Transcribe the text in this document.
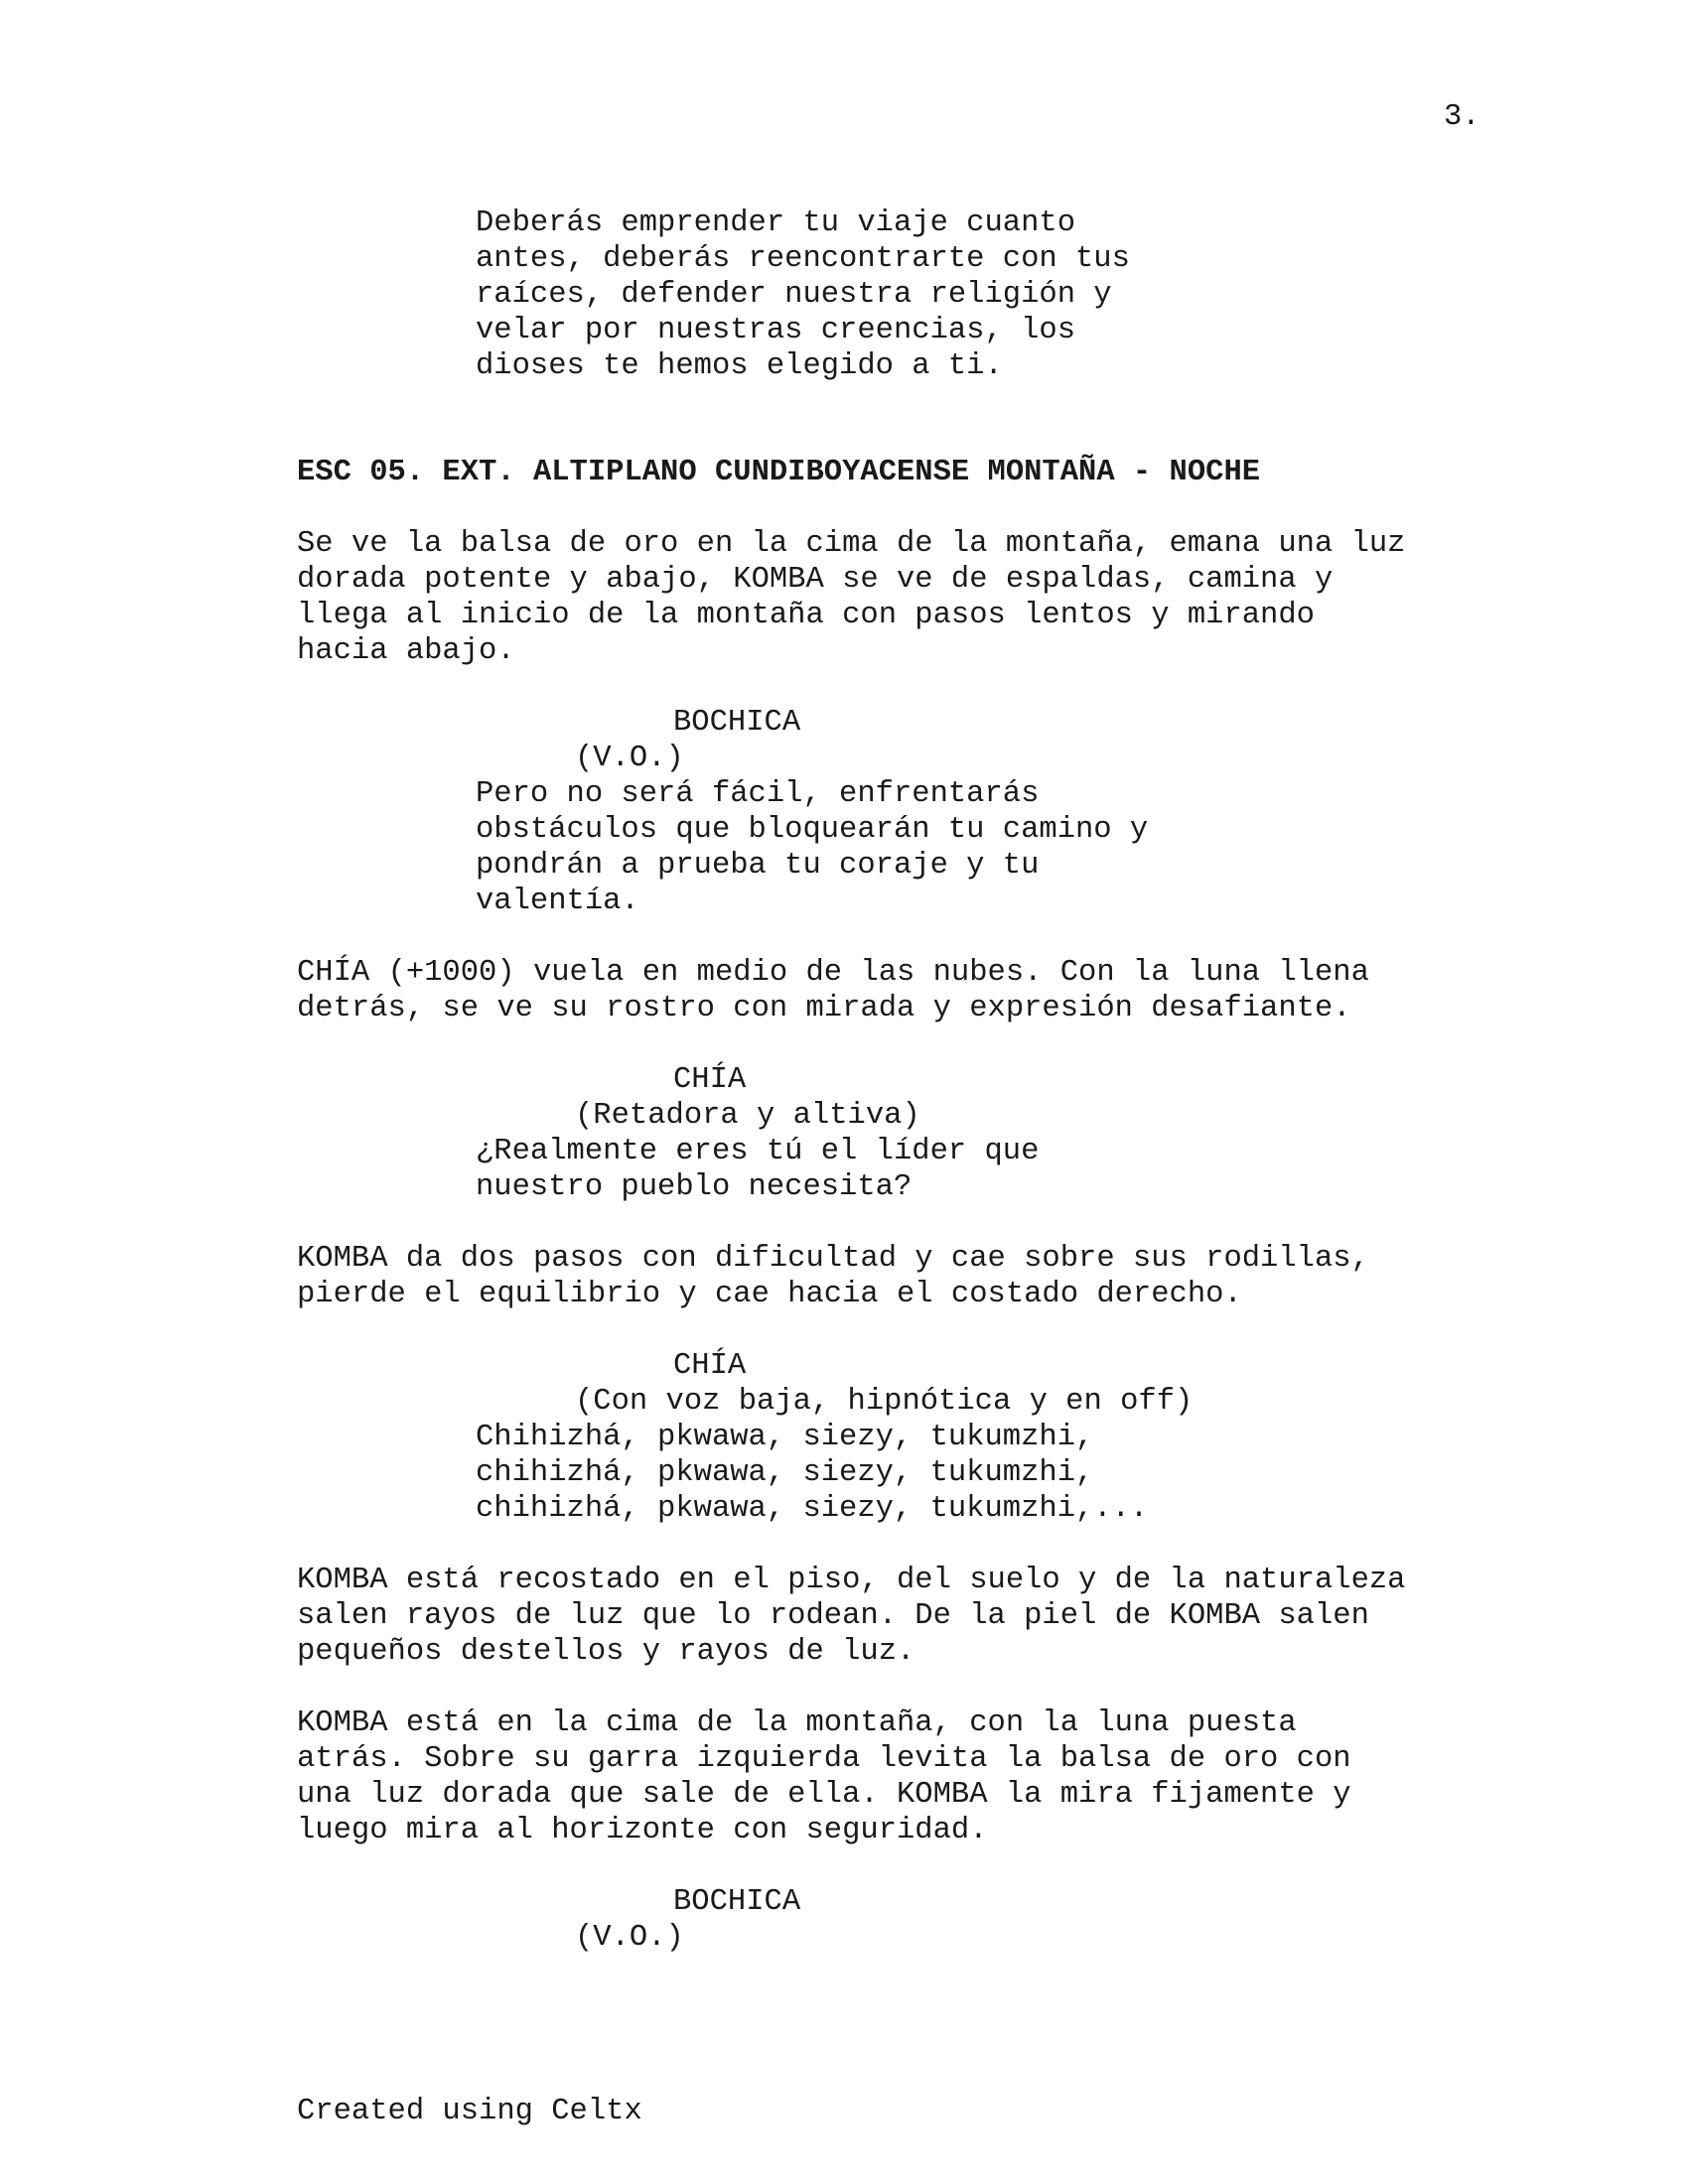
3.
Deberás emprender tu viaje cuanto
antes, deberás reencontrarte con tus
raíces, defender nuestra religión y
velar por nuestras creencias, los
dioses te hemos elegido a ti.
ESC 05. EXT. ALTIPLANO CUNDIBOYACENSE MONTAÑA - NOCHE
Se ve la balsa de oro en la cima de la montaña, emana una luz
dorada potente y abajo, KOMBA se ve de espaldas, camina y
llega al inicio de la montaña con pasos lentos y mirando
hacia abajo.
BOCHICA
(V.O.)
Pero no será fácil, enfrentarás
obstáculos que bloquearán tu camino y
pondrán a prueba tu coraje y tu
valentía.
CHÍA (+1000) vuela en medio de las nubes. Con la luna llena
detrás, se ve su rostro con mirada y expresión desafiante.
CHÍA
(Retadora y altiva)
¿Realmente eres tú el líder que
nuestro pueblo necesita?
KOMBA da dos pasos con dificultad y cae sobre sus rodillas,
pierde el equilibrio y cae hacia el costado derecho.
CHÍA
(Con voz baja, hipnótica y en off)
Chihizhá, pkwawa, siezy, tukumzhi,
chihizhá, pkwawa, siezy, tukumzhi,
chihizhá, pkwawa, siezy, tukumzhi,...
KOMBA está recostado en el piso, del suelo y de la naturaleza
salen rayos de luz que lo rodean. De la piel de KOMBA salen
pequeños destellos y rayos de luz.
KOMBA está en la cima de la montaña, con la luna puesta
atrás. Sobre su garra izquierda levita la balsa de oro con
una luz dorada que sale de ella. KOMBA la mira fijamente y
luego mira al horizonte con seguridad.
BOCHICA
(V.O.)
Created using Celtx
